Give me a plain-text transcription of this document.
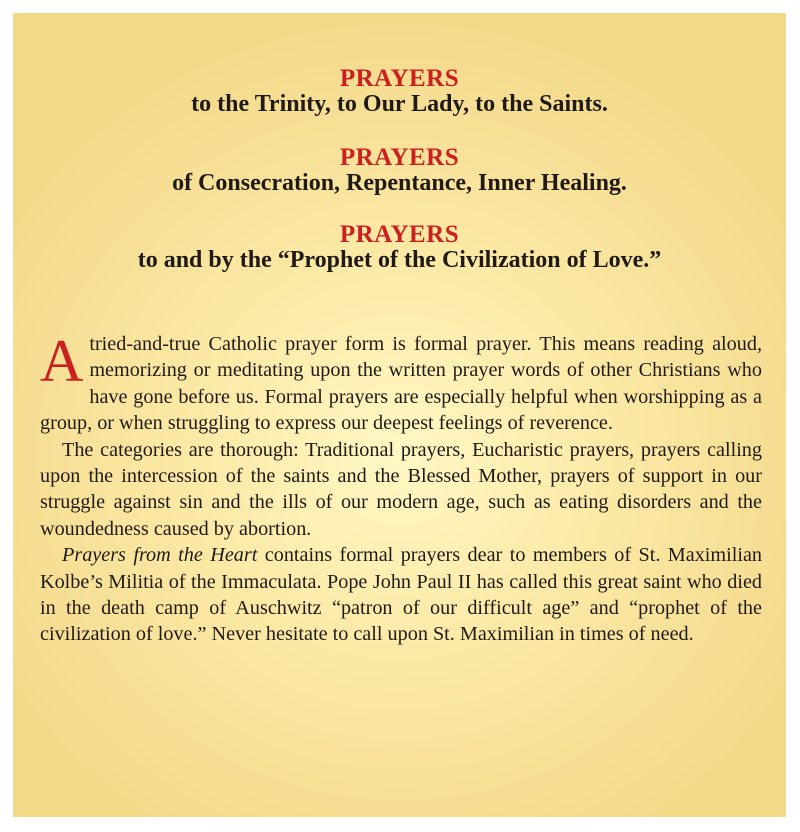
PRAYERS
to the Trinity, to Our Lady, to the Saints.
PRAYERS
of Consecration, Repentance, Inner Healing.
PRAYERS
to and by the “Prophet of the Civilization of Love.”

Atried-and-true Catholic prayer form is formal prayer. This means reading aloud, memorizing or meditating upon the written prayer words of other Christians who have gone before us. Formal prayers are especially helpful when worshipping as a group, or when struggling to express our deepest feelings of reverence.

The categories are thorough: Traditional prayers, Eucharistic prayers, prayers calling upon the intercession of the saints and the Blessed Mother, prayers of support in our struggle against sin and the ills of our modern age, such as eating disorders and the woundedness caused by abortion.

Prayers from the Heart contains formal prayers dear to members of St. Maximilian Kolbe’s Militia of the Immaculata. Pope John Paul II has called this great saint who died in the death camp of Auschwitz “patron of our difficult age” and “prophet of the civilization of love.” Never hesitate to call upon St. Maximilian in times of need.
